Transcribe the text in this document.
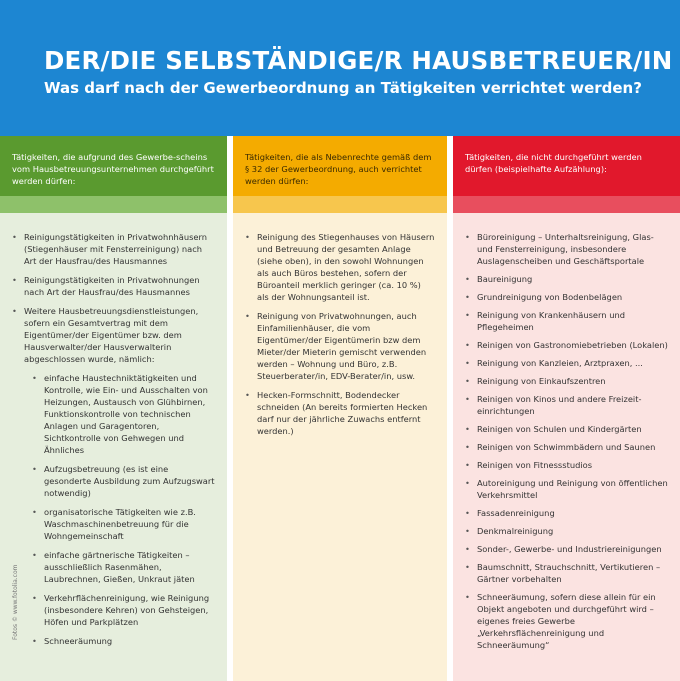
DER/DIE SELBSTÄNDIGE/R HAUSBETREUER/IN
Was darf nach der Gewerbeordnung an Tätigkeiten verrichtet werden?
Tätigkeiten, die aufgrund des Gewerbe-scheins vom Hausbetreuungsunternehmen durchgeführt werden dürfen:
• Reinigungstätigkeiten in Privatwohnhäusern (Stiegenhäuser mit Fensterreinigung) nach Art der Hausfrau/des Hausmannes
• Reinigungstätigkeiten in Privatwohnungen nach Art der Hausfrau/des Hausmannes
• Weitere Hausbetreuungsdienstleistungen, sofern ein Gesamtvertrag mit dem Eigentümer/der Eigentümer bzw. dem Hausverwalter/der Hausverwalterin abgeschlossen wurde, nämlich:
• einfache Haustechniktätigkeiten und Kontrolle, wie Ein- und Ausschalten von Heizungen, Austausch von Glühbirnen, Funktionskontrolle von technischen Anlagen und Garagentoren, Sichtkontrolle von Gehwegen und Ähnliches
• Aufzugsbetreuung (es ist eine gesonderte Ausbildung zum Aufzugswart notwendig)
• organisatorische Tätigkeiten wie z.B. Waschmaschinenbetreuung für die Wohngemeinschaft
• einfache gärtnerische Tätigkeiten – ausschließlich Rasenmähen, Laubrechnen, Gießen, Unkraut jäten
• Verkehrflächenreinigung, wie Reinigung (insbesondere Kehren) von Gehsteigen, Höfen und Parkplätzen
• Schneeräumung
Tätigkeiten, die als Nebenrechte gemäß dem § 32 der Gewerbeordnung, auch verrichtet werden dürfen:
• Reinigung des Stiegenhauses von Häusern und Betreuung der gesamten Anlage (siehe oben), in den sowohl Wohnungen als auch Büros bestehen, sofern der Büroanteil merklich geringer (ca. 10 %) als der Wohnungsanteil ist.
• Reinigung von Privatwohnungen, auch Einfamilienhäuser, die vom Eigentümer/der Eigentümerin bzw dem Mieter/der Mieterin gemischt verwenden werden – Wohnung und Büro, z.B. Steuerberater/in, EDV-Berater/in, usw.
• Hecken-Formschnitt, Bodendecker schneiden (An bereits formierten Hecken darf nur der jährliche Zuwachs entfernt werden.)
Tätigkeiten, die nicht durchgeführt werden dürfen (beispielhafte Aufzählung):
• Büroreinigung – Unterhaltsreinigung, Glas- und Fensterreinigung, insbesondere Auslagenscheiben und Geschäftsportale
• Baureinigung
• Grundreinigung von Bodenbelägen
• Reinigung von Krankenhäusern und Pflegeheimen
• Reinigen von Gastronomiebetrieben (Lokalen)
• Reinigung von Kanzleien, Arztpraxen, ...
• Reinigung von Einkaufszentren
• Reinigen von Kinos und andere Freizeit-einrichtungen
• Reinigen von Schulen und Kindergärten
• Reinigen von Schwimmbädern und Saunen
• Reinigen von Fitnessstudios
• Autoreinigung und Reinigung von öffentlichen Verkehrsmittel
• Fassadenreinigung
• Denkmalreinigung
• Sonder-, Gewerbe- und Industriereinigungen
• Baumschnitt, Strauchschnitt, Vertikutieren – Gärtner vorbehalten
• Schneeräumung, sofern diese allein für ein Objekt angeboten und durchgeführt wird – eigenes freies Gewerbe „Verkehrsflächenreinigung und Schneeräumung“
Fotos © www.fotolia.com
